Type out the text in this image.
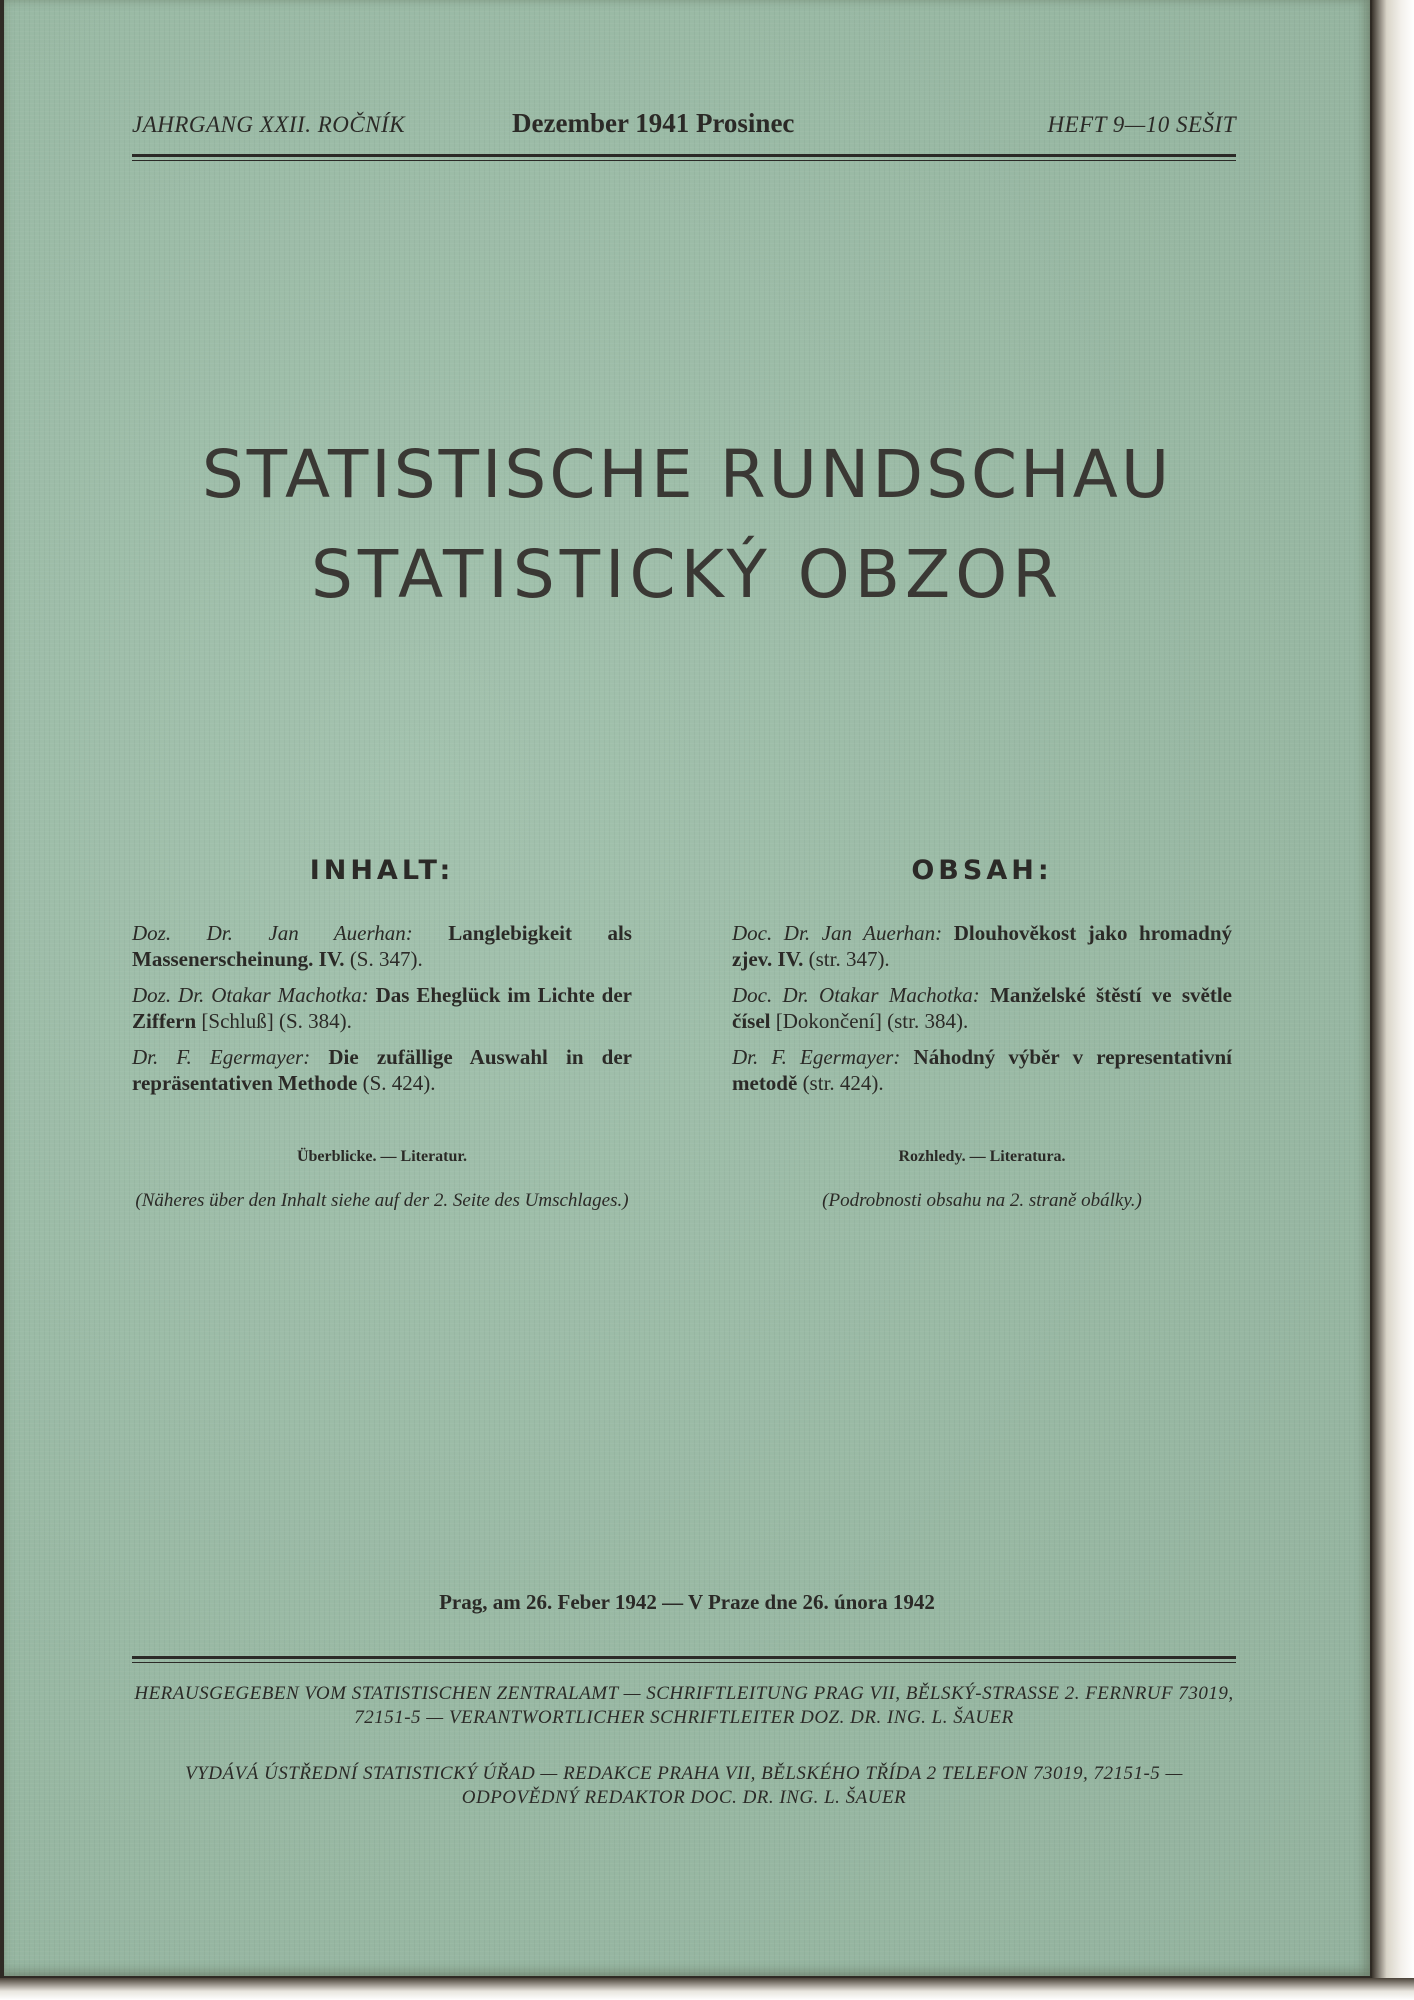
JAHRGANG XXII. ROČNÍK	Dezember 1941 Prosinec	HEFT 9—10 SEŠIT
STATISTISCHE RUNDSCHAU
STATISTICKÝ OBZOR
INHALT:
Doz. Dr. Jan Auerhan: Langlebigkeit als Massenerscheinung. IV. (S. 347).
Doz. Dr. Otakar Machotka: Das Eheglück im Lichte der Ziffern [Schluß] (S. 384).
Dr. F. Egermayer: Die zufällige Auswahl in der repräsentativen Methode (S. 424).
Überblicke. — Literatur.
(Näheres über den Inhalt siehe auf der 2. Seite des Umschlages.)
OBSAH:
Doc. Dr. Jan Auerhan: Dlouhověkost jako hromadný zjev. IV. (str. 347).
Doc. Dr. Otakar Machotka: Manželské štěstí ve světle čísel [Dokončení] (str. 384).
Dr. F. Egermayer: Náhodný výběr v representativní metodě (str. 424).
Rozhledy. — Literatura.
(Podrobnosti obsahu na 2. straně obálky.)
Prag, am 26. Feber 1942 — V Praze dne 26. února 1942
HERAUSGEGEBEN VOM STATISTISCHEN ZENTRALAMT — SCHRIFTLEITUNG PRAG VII, BĚLSKÝ-STRASSE 2. FERNRUF 73019, 72151-5 — VERANTWORTLICHER SCHRIFTLEITER DOZ. DR. ING. L. ŠAUER
VYDÁVÁ ÚSTŘEDNÍ STATISTICKÝ ÚŘAD — REDAKCE PRAHA VII, BĚLSKÉHO TŘÍDA 2 TELEFON 73019, 72151-5 — ODPOVĚDNÝ REDAKTOR DOC. DR. ING. L. ŠAUER
